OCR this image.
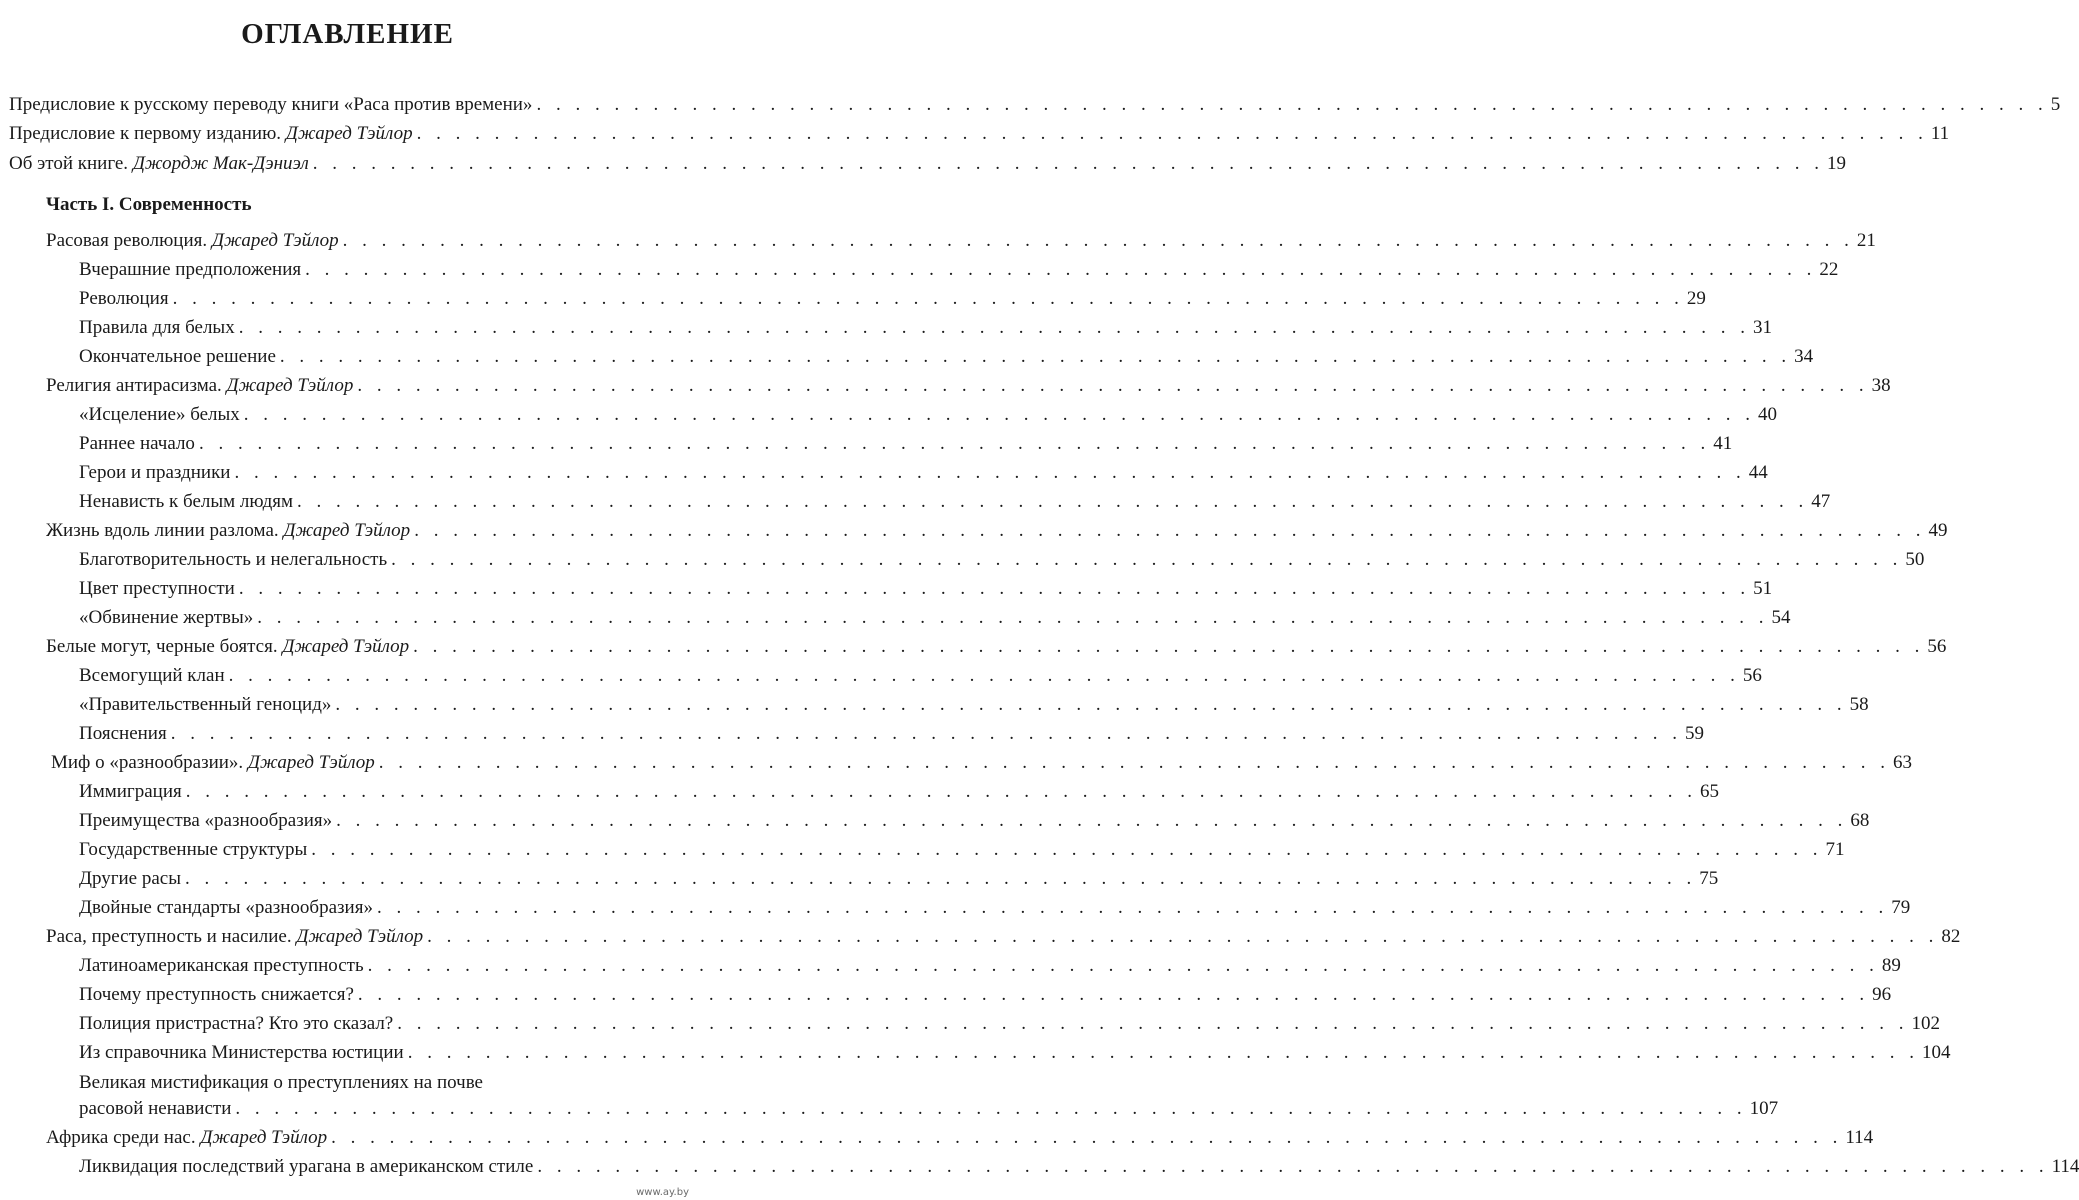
ОГЛАВЛЕНИЕ
Предисловие к русскому переводу книги «Раса против времени» . . . . . . . . . . . . . . . . . . . . . . . . . . . . . . . . . . . . . . . . . . . . . . . . . . . . . . . . . . . . . . . . . . . . . . . . . . . . . . 5
Предисловие к первому изданию. Джаред Тэйлор . . . . . . . . . . . . . . . . . . . . . . . . . . . . . . . . . . . . . . . . . . . . . . . . . . . . . . . . . . . . . . . . . . . . . . . . . . . . . . 11
Об этой книге. Джордж Мак-Дэниэл . . . . . . . . . . . . . . . . . . . . . . . . . . . . . . . . . . . . . . . . . . . . . . . . . . . . . . . . . . . . . . . . . . . . . . . . . . . . . . 19
Часть I. Современность
Расовая революция. Джаред Тэйлор . . . . . . . . . . . . . . . . . . . . . . . . . . . . . . . . . . . . . . . . . . . . . . . . . . . . . . . . . . . . . . . . . . . . . . . . . . . . . . 21
Вчерашние предположения . . . . . . . . . . . . . . . . . . . . . . . . . . . . . . . . . . . . . . . . . . . . . . . . . . . . . . . . . . . . . . . . . . . . . . . . . . . . . . 22
Революция . . . . . . . . . . . . . . . . . . . . . . . . . . . . . . . . . . . . . . . . . . . . . . . . . . . . . . . . . . . . . . . . . . . . . . . . . . . . . . 29
Правила для белых . . . . . . . . . . . . . . . . . . . . . . . . . . . . . . . . . . . . . . . . . . . . . . . . . . . . . . . . . . . . . . . . . . . . . . . . . . . . . . 31
Окончательное решение . . . . . . . . . . . . . . . . . . . . . . . . . . . . . . . . . . . . . . . . . . . . . . . . . . . . . . . . . . . . . . . . . . . . . . . . . . . . . . 34
Религия антирасизма. Джаред Тэйлор . . . . . . . . . . . . . . . . . . . . . . . . . . . . . . . . . . . . . . . . . . . . . . . . . . . . . . . . . . . . . . . . . . . . . . . . . . . . . . 38
«Исцеление» белых . . . . . . . . . . . . . . . . . . . . . . . . . . . . . . . . . . . . . . . . . . . . . . . . . . . . . . . . . . . . . . . . . . . . . . . . . . . . . . 40
Раннее начало . . . . . . . . . . . . . . . . . . . . . . . . . . . . . . . . . . . . . . . . . . . . . . . . . . . . . . . . . . . . . . . . . . . . . . . . . . . . . . 41
Герои и праздники . . . . . . . . . . . . . . . . . . . . . . . . . . . . . . . . . . . . . . . . . . . . . . . . . . . . . . . . . . . . . . . . . . . . . . . . . . . . . . 44
Ненависть к белым людям . . . . . . . . . . . . . . . . . . . . . . . . . . . . . . . . . . . . . . . . . . . . . . . . . . . . . . . . . . . . . . . . . . . . . . . . . . . . . . 47
Жизнь вдоль линии разлома. Джаред Тэйлор . . . . . . . . . . . . . . . . . . . . . . . . . . . . . . . . . . . . . . . . . . . . . . . . . . . . . . . . . . . . . . . . . . . . . . . . . . . . . . 49
Благотворительность и нелегальность . . . . . . . . . . . . . . . . . . . . . . . . . . . . . . . . . . . . . . . . . . . . . . . . . . . . . . . . . . . . . . . . . . . . . . . . . . . . . . 50
Цвет преступности . . . . . . . . . . . . . . . . . . . . . . . . . . . . . . . . . . . . . . . . . . . . . . . . . . . . . . . . . . . . . . . . . . . . . . . . . . . . . . 51
«Обвинение жертвы» . . . . . . . . . . . . . . . . . . . . . . . . . . . . . . . . . . . . . . . . . . . . . . . . . . . . . . . . . . . . . . . . . . . . . . . . . . . . . . 54
Белые могут, черные боятся. Джаред Тэйлор . . . . . . . . . . . . . . . . . . . . . . . . . . . . . . . . . . . . . . . . . . . . . . . . . . . . . . . . . . . . . . . . . . . . . . . . . . . . . . 56
Всемогущий клан . . . . . . . . . . . . . . . . . . . . . . . . . . . . . . . . . . . . . . . . . . . . . . . . . . . . . . . . . . . . . . . . . . . . . . . . . . . . . . 56
«Правительственный геноцид» . . . . . . . . . . . . . . . . . . . . . . . . . . . . . . . . . . . . . . . . . . . . . . . . . . . . . . . . . . . . . . . . . . . . . . . . . . . . . . 58
Пояснения . . . . . . . . . . . . . . . . . . . . . . . . . . . . . . . . . . . . . . . . . . . . . . . . . . . . . . . . . . . . . . . . . . . . . . . . . . . . . . 59
Миф о «разнообразии». Джаред Тэйлор . . . . . . . . . . . . . . . . . . . . . . . . . . . . . . . . . . . . . . . . . . . . . . . . . . . . . . . . . . . . . . . . . . . . . . . . . . . . . . 63
Иммиграция . . . . . . . . . . . . . . . . . . . . . . . . . . . . . . . . . . . . . . . . . . . . . . . . . . . . . . . . . . . . . . . . . . . . . . . . . . . . . . 65
Преимущества «разнообразия» . . . . . . . . . . . . . . . . . . . . . . . . . . . . . . . . . . . . . . . . . . . . . . . . . . . . . . . . . . . . . . . . . . . . . . . . . . . . . . 68
Государственные структуры . . . . . . . . . . . . . . . . . . . . . . . . . . . . . . . . . . . . . . . . . . . . . . . . . . . . . . . . . . . . . . . . . . . . . . . . . . . . . . 71
Другие расы . . . . . . . . . . . . . . . . . . . . . . . . . . . . . . . . . . . . . . . . . . . . . . . . . . . . . . . . . . . . . . . . . . . . . . . . . . . . . . 75
Двойные стандарты «разнообразия» . . . . . . . . . . . . . . . . . . . . . . . . . . . . . . . . . . . . . . . . . . . . . . . . . . . . . . . . . . . . . . . . . . . . . . . . . . . . . . 79
Раса, преступность и насилие. Джаред Тэйлор . . . . . . . . . . . . . . . . . . . . . . . . . . . . . . . . . . . . . . . . . . . . . . . . . . . . . . . . . . . . . . . . . . . . . . . . . . . . . . 82
Латиноамериканская преступность . . . . . . . . . . . . . . . . . . . . . . . . . . . . . . . . . . . . . . . . . . . . . . . . . . . . . . . . . . . . . . . . . . . . . . . . . . . . . . 89
Почему преступность снижается? . . . . . . . . . . . . . . . . . . . . . . . . . . . . . . . . . . . . . . . . . . . . . . . . . . . . . . . . . . . . . . . . . . . . . . . . . . . . . . 96
Полиция пристрастна? Кто это сказал? . . . . . . . . . . . . . . . . . . . . . . . . . . . . . . . . . . . . . . . . . . . . . . . . . . . . . . . . . . . . . . . . . . . . . . . . . . . . . . 102
Из справочника Министерства юстиции . . . . . . . . . . . . . . . . . . . . . . . . . . . . . . . . . . . . . . . . . . . . . . . . . . . . . . . . . . . . . . . . . . . . . . . . . . . . . . 104
Великая мистификация о преступлениях на почве
расовой ненависти . . . . . . . . . . . . . . . . . . . . . . . . . . . . . . . . . . . . . . . . . . . . . . . . . . . . . . . . . . . . . . . . . . . . . . . . . . . . . . 107
Африка среди нас. Джаред Тэйлор . . . . . . . . . . . . . . . . . . . . . . . . . . . . . . . . . . . . . . . . . . . . . . . . . . . . . . . . . . . . . . . . . . . . . . . . . . . . . . 114
Ликвидация последствий урагана в американском стиле . . . . . . . . . . . . . . . . . . . . . . . . . . . . . . . . . . . . . . . . . . . . . . . . . . . . . . . . . . . . . . . . . . . . . . . . . . . . . . 114
www.ay.by
